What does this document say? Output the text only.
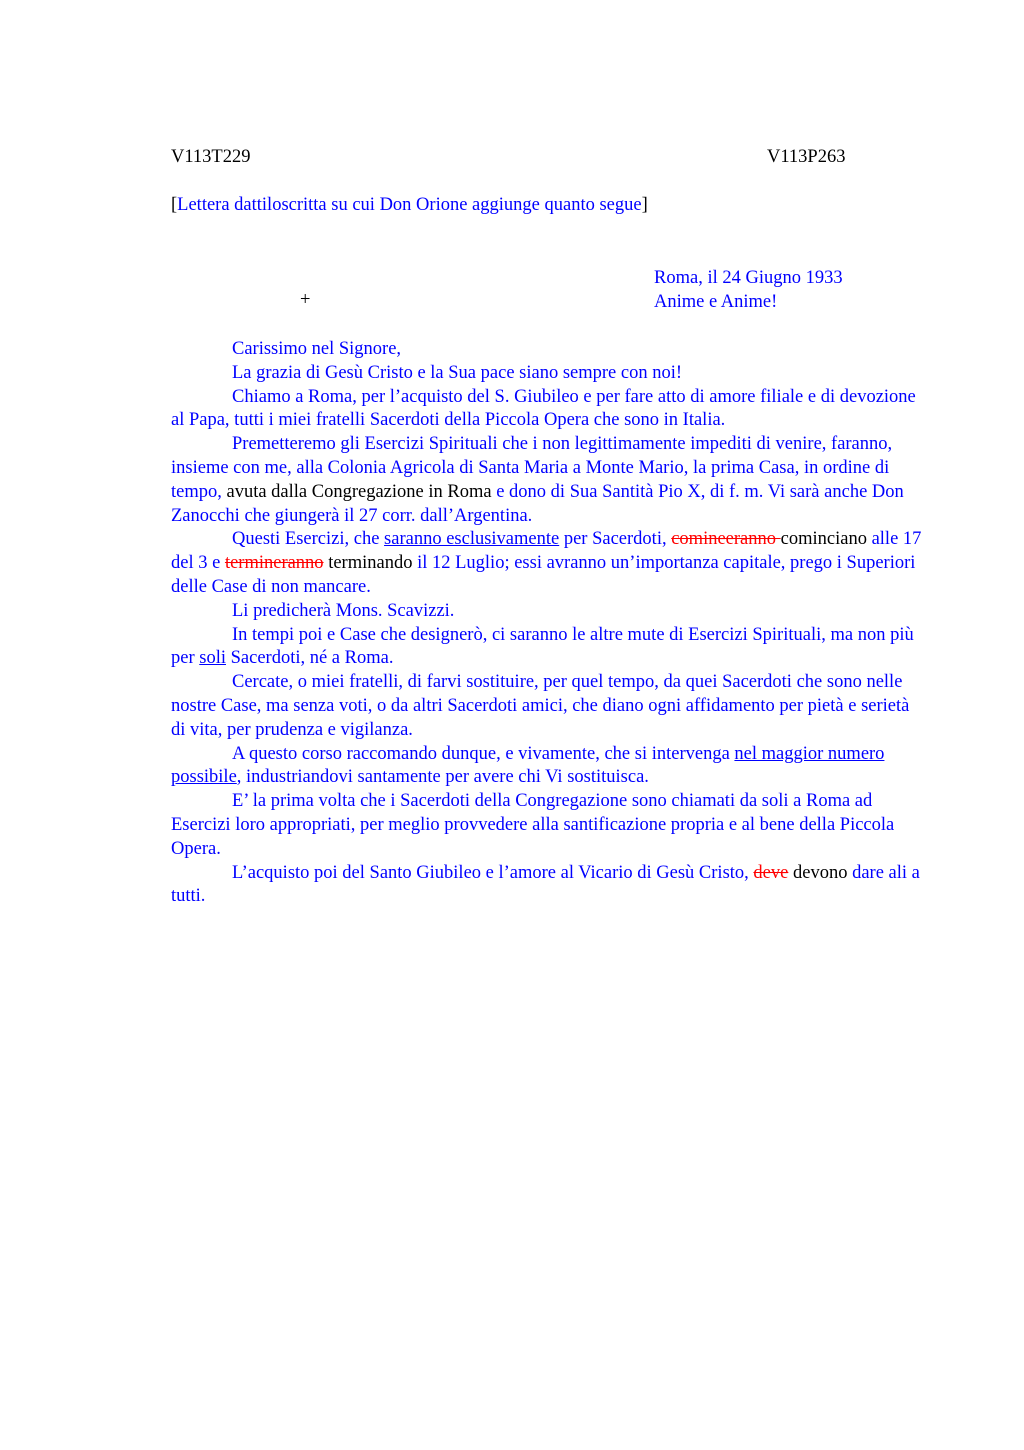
V113T229	V113P263
[Lettera dattiloscritta su cui Don Orione aggiunge quanto segue]
Roma, il 24 Giugno 1933
Anime e Anime!
+

Carissimo nel Signore,

La grazia di Gesù Cristo e la Sua pace siano sempre con noi!

Chiamo a Roma, per l’acquisto del S. Giubileo e per fare atto di amore filiale e di devozione al Papa, tutti i miei fratelli Sacerdoti della Piccola Opera che sono in Italia.

Premetteremo gli Esercizi Spirituali che i non legittimamente impediti di venire, faranno, insieme con me, alla Colonia Agricola di Santa Maria a Monte Mario, la prima Casa, in ordine di tempo, avuta dalla Congregazione in Roma e dono di Sua Santità Pio X, di f. m. Vi sarà anche Don Zanocchi che giungerà il 27 corr. dall’Argentina.

Questi Esercizi, che saranno esclusivamente per Sacerdoti, comineeranno cominciano alle 17 del 3 e termineranno terminando il 12 Luglio; essi avranno un’importanza capitale, prego i Superiori delle Case di non mancare.

Li predicherà Mons. Scavizzi.

In tempi poi e Case che designerò, ci saranno le altre mute di Esercizi Spirituali, ma non più per soli Sacerdoti, né a Roma.

Cercate, o miei fratelli, di farvi sostituire, per quel tempo, da quei Sacerdoti che sono nelle nostre Case, ma senza voti, o da altri Sacerdoti amici, che diano ogni affidamento per pietà e serietà di vita, per prudenza e vigilanza.

A questo corso raccomando dunque, e vivamente, che si intervenga nel maggior numero possibile, industriandovi santamente per avere chi Vi sostituisca.

E’ la prima volta che i Sacerdoti della Congregazione sono chiamati da soli a Roma ad Esercizi loro appropriati, per meglio provvedere alla santificazione propria e al bene della Piccola Opera.

L’acquisto poi del Santo Giubileo e l’amore al Vicario di Gesù Cristo, deve devono dare ali a tutti.
